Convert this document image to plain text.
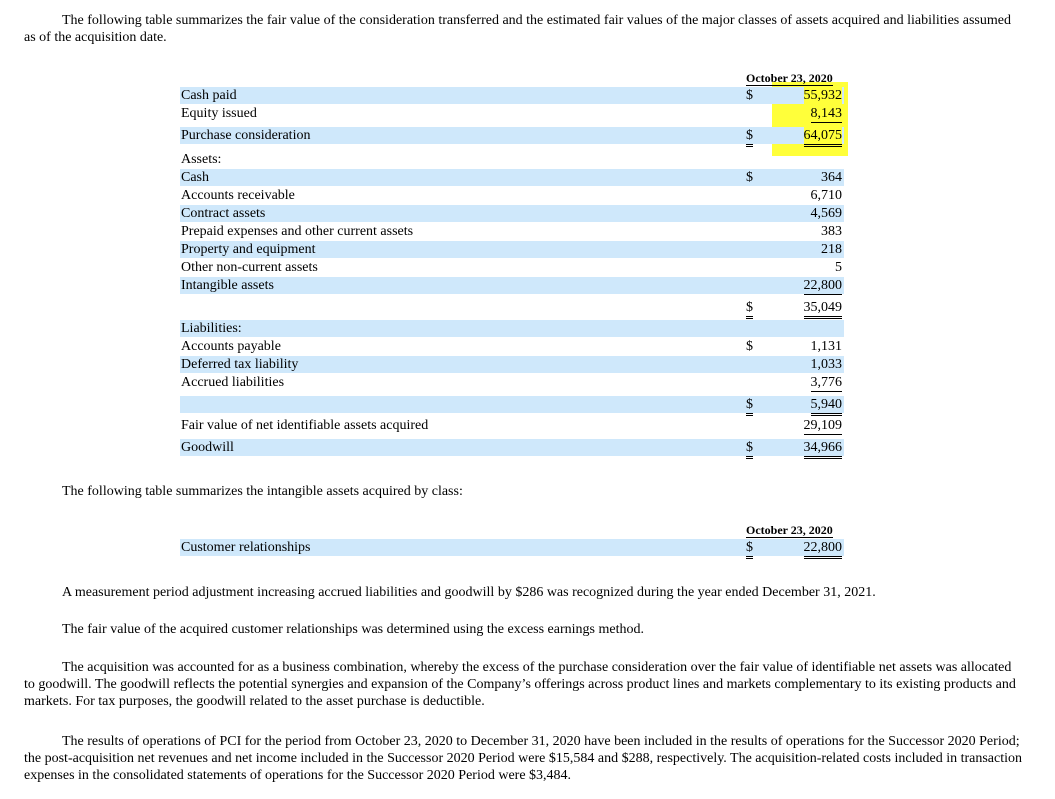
The following table summarizes the fair value of the consideration transferred and the estimated fair values of the major classes of assets acquired and liabilities assumed as of the acquisition date.

October 23, 2020
Cash paid	$	55,932
Equity issued	8,143
Purchase consideration	$	64,075
Assets:
Cash	$	364
Accounts receivable	6,710
Contract assets	4,569
Prepaid expenses and other current assets	383
Property and equipment	218
Other non-current assets	5
Intangible assets	22,800
$	35,049
Liabilities:
Accounts payable	$	1,131
Deferred tax liability	1,033
Accrued liabilities	3,776
$	5,940
Fair value of net identifiable assets acquired	29,109
Goodwill	$	34,966

The following table summarizes the intangible assets acquired by class:

October 23, 2020
Customer relationships	$	22,800

A measurement period adjustment increasing accrued liabilities and goodwill by $286 was recognized during the year ended December 31, 2021.

The fair value of the acquired customer relationships was determined using the excess earnings method.

The acquisition was accounted for as a business combination, whereby the excess of the purchase consideration over the fair value of identifiable net assets was allocated to goodwill. The goodwill reflects the potential synergies and expansion of the Company’s offerings across product lines and markets complementary to its existing products and markets. For tax purposes, the goodwill related to the asset purchase is deductible.

The results of operations of PCI for the period from October 23, 2020 to December 31, 2020 have been included in the results of operations for the Successor 2020 Period; the post-acquisition net revenues and net income included in the Successor 2020 Period were $15,584 and $288, respectively. The acquisition-related costs included in transaction expenses in the consolidated statements of operations for the Successor 2020 Period were $3,484.
